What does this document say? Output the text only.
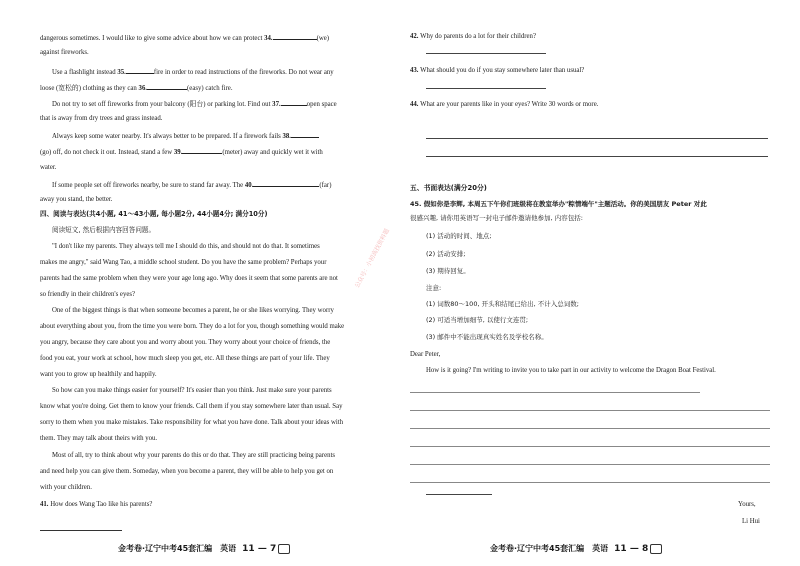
dangerous sometimes. I would like to give some advice about how we can protect 34.	(we)
against fireworks.
Use a flashlight instead 35.	fire in order to read instructions of the fireworks. Do not wear any
loose (宽松的) clothing as they can 36.	(easy) catch fire.
Do not try to set off fireworks from your balcony (阳台) or parking lot. Find out 37.	open space
that is away from dry trees and grass instead.
Always keep some water nearby. It's always better to be prepared. If a firework fails 38.
(go) off, do not check it out. Instead, stand a few 39.	(meter) away and quickly wet it with
water.
If some people set off fireworks nearby, be sure to stand far away. The 40.	(far)
away you stand, the better.
四、阅读与表达(共4小题, 41～43小题, 每小题2分, 44小题4分; 满分10分)
阅读短文, 然后根据内容回答问题。
"I don't like my parents. They always tell me I should do this, and should not do that. It sometimes
makes me angry," said Wang Tao, a middle school student. Do you have the same problem? Perhaps your
parents had the same problem when they were your age long ago. Why does it seem that some parents are not
so friendly in their children's eyes?
One of the biggest things is that when someone becomes a parent, he or she likes worrying. They worry
about everything about you, from the time you were born. They do a lot for you, though something would make
you angry, because they care about you and worry about you. They worry about your choice of friends, the
food you eat, your work at school, how much sleep you get, etc. All these things are part of your life. They
want you to grow up healthily and happily.
So how can you make things easier for yourself? It's easier than you think. Just make sure your parents
know what you're doing. Get them to know your friends. Call them if you stay somewhere later than usual. Say
sorry to them when you make mistakes. Take responsibility for what you have done. Talk about your ideas with
them. They may talk about theirs with you.
Most of all, try to think about why your parents do this or do that. They are still practicing being parents
and need help you can give them. Someday, when you become a parent, they will be able to help you get on
with your children.
41. How does Wang Tao like his parents?
金考卷·辽宁中考45套汇编　英语 11 — 7
公众号：小初高找资料题
42. Why do parents do a lot for their children?
43. What should you do if you stay somewhere later than usual?
44. What are your parents like in your eyes? Write 30 words or more.
五、书面表达(满分20分)
45. 假如你是李辉, 本周五下午你们班级将在教室举办"粽情端午"主题活动。你的美国朋友 Peter 对此
很感兴趣, 请你用英语写一封电子邮件邀请他参加, 内容包括:
(1) 活动的时间、地点;
(2) 活动安排;
(3) 期待回复。
注意:
(1) 词数80～100, 开头和结尾已给出, 不计入总词数;
(2) 可适当增加细节, 以使行文连贯;
(3) 邮件中不能出现真实姓名及学校名称。
Dear Peter,
How is it going? I'm writing to invite you to take part in our activity to welcome the Dragon Boat Festival.
Yours,
Li Hui
金考卷·辽宁中考45套汇编　英语 11 — 8
